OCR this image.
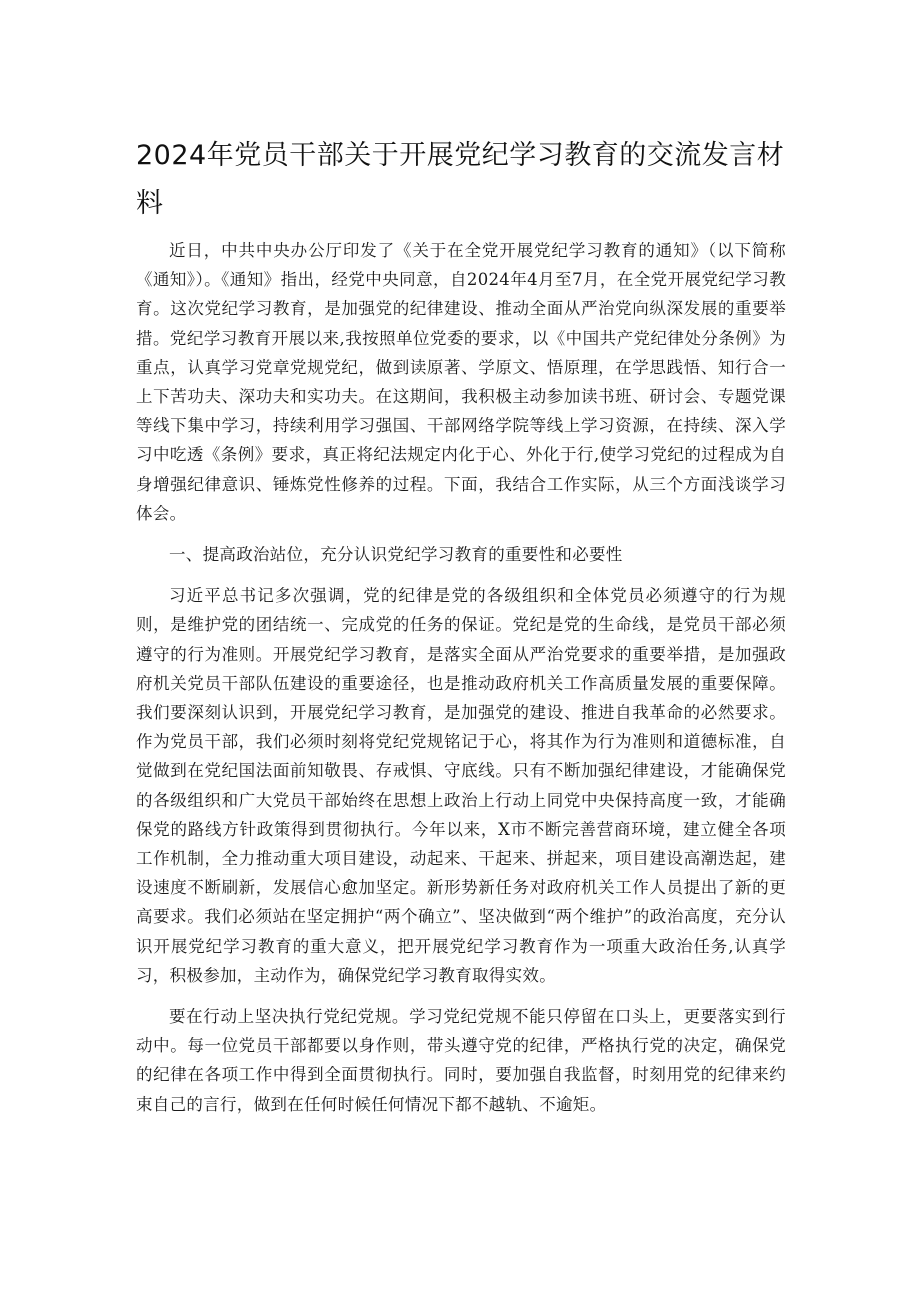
2024年党员干部关于开展党纪学习教育的交流发言材料

近日，中共中央办公厅印发了《关于在全党开展党纪学习教育的通知》（以下简称《通知》）。《通知》指出，经党中央同意，自2024年4月至7月，在全党开展党纪学习教育。这次党纪学习教育，是加强党的纪律建设、推动全面从严治党向纵深发展的重要举措。党纪学习教育开展以来,我按照单位党委的要求，以《中国共产党纪律处分条例》为重点，认真学习党章党规党纪，做到读原著、学原文、悟原理，在学思践悟、知行合一上下苦功夫、深功夫和实功夫。在这期间，我积极主动参加读书班、研讨会、专题党课等线下集中学习，持续利用学习强国、干部网络学院等线上学习资源，在持续、深入学习中吃透《条例》要求，真正将纪法规定内化于心、外化于行,使学习党纪的过程成为自身增强纪律意识、锤炼党性修养的过程。下面，我结合工作实际，从三个方面浅谈学习体会。

一、提高政治站位，充分认识党纪学习教育的重要性和必要性

习近平总书记多次强调，党的纪律是党的各级组织和全体党员必须遵守的行为规则，是维护党的团结统一、完成党的任务的保证。党纪是党的生命线，是党员干部必须遵守的行为准则。开展党纪学习教育，是落实全面从严治党要求的重要举措，是加强政府机关党员干部队伍建设的重要途径，也是推动政府机关工作高质量发展的重要保障。我们要深刻认识到，开展党纪学习教育，是加强党的建设、推进自我革命的必然要求。作为党员干部，我们必须时刻将党纪党规铭记于心，将其作为行为准则和道德标准，自觉做到在党纪国法面前知敬畏、存戒惧、守底线。只有不断加强纪律建设，才能确保党的各级组织和广大党员干部始终在思想上政治上行动上同党中央保持高度一致，才能确保党的路线方针政策得到贯彻执行。今年以来，X市不断完善营商环境，建立健全各项工作机制，全力推动重大项目建设，动起来、干起来、拼起来，项目建设高潮迭起，建设速度不断刷新，发展信心愈加坚定。新形势新任务对政府机关工作人员提出了新的更高要求。我们必须站在坚定拥护“两个确立”、坚决做到“两个维护”的政治高度，充分认识开展党纪学习教育的重大意义，把开展党纪学习教育作为一项重大政治任务,认真学习，积极参加，主动作为，确保党纪学习教育取得实效。

要在行动上坚决执行党纪党规。学习党纪党规不能只停留在口头上，更要落实到行动中。每一位党员干部都要以身作则，带头遵守党的纪律，严格执行党的决定，确保党的纪律在各项工作中得到全面贯彻执行。同时，要加强自我监督，时刻用党的纪律来约束自己的言行，做到在任何时候任何情况下都不越轨、不逾矩。
